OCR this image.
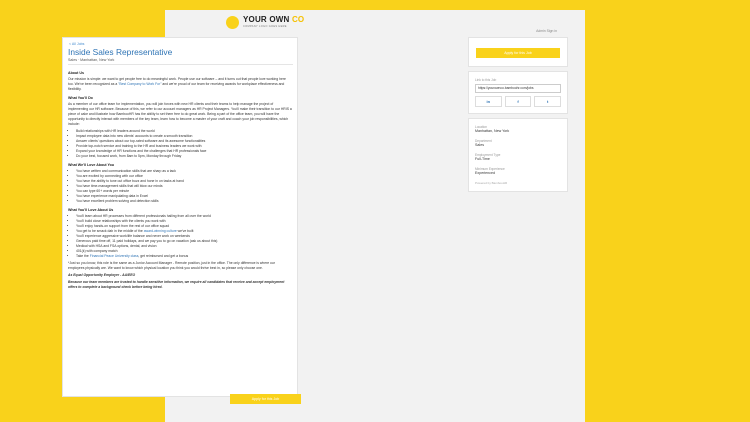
YOUR OWN CO
COMPANY LOGO GOES HERE
Admin Sign in
< All Jobs
Inside Sales Representative
Sales · Manhattan, New York
About Us

Our mission is simple: we want to get people free to do meaningful work. People use our software – and it turns out that people love working here too. We've been recognized as a "Best Company to Work For" and we're proud of our team for receiving awards for workplace effectiveness and flexibility.

What You'll Do

As a member of our office team for implementation, you will join forces with new HR clients and their teams to help manage the project of implementing our HR software. Because of this, we refer to our account managers as HR Project Managers. You'll make their transition to our HRIS a piece of cake and illustrate how BambooHR has the ability to set them free to do great work. Being a part of the office team, you will have the opportunity to directly interact with members of the key team, learn how to become a master of your craft and coach your job responsibilities, which include:

• Build relationships with HR leaders around the world
• Impact employee data into new clients' accounts to create a smooth transition
• Answer clients' questions about our top-rated software and its awesome functionalities
• Provide top-notch service and training to the HR and business leaders we work with
• Expand your knowledge of HR functions and the challenges that HR professionals face
• Do your best, focused work, from 8am to 5pm, Monday through Friday
What We'll Love About You
• You have written and communication skills that are sharp as a tack
• You are excited by connecting with our office
• You have the ability to tune out office buzz and hone in on tasks at hand
• You have time-management skills that will blow our minds
• You can type 60+ words per minute
• You have experience manipulating data in Excel
• You have excellent problem solving and detection skills
What You'll Love About Us
• You'll learn about HR processes from different professionals hailing from all over the world
• You'll build close relationships with the clients you work with
• You'll enjoy hands-on support from the rest of our office squad
• You get to be smack dab in the middle of the award-winning culture we've built
• You'll experience aggressive work/life balance and never work on weekends
• Generous paid time off, 11 paid holidays, and we pay you to go on vacation (ask us about this)
• Medical with HSA and FSA options, dental, and vision
• 401(k) with company match
• Take the Financial Peace University class, get reimbursed and get a bonus

*Just so you know, this role is the same as a Junior Account Manager - Remote position, just in the office. The only difference is where our employees physically are. We want to know which physical location you think you would thrive best in, so please only choose one.

As Equal Opportunity Employer - AA/EEO

Because our team members are trusted to handle sensitive information, we require all candidates that receive and accept employment offers to complete a background check before being hired.

Apply for this Job
Apply for this Job
Link to this Job
https://yourownco.bamboohr.com/jobs
in	f	t
Location
Manhattan, New York
Department
Sales
Employment Type
Full-Time
Minimum Experience
Experienced
Powered by BambooHR
